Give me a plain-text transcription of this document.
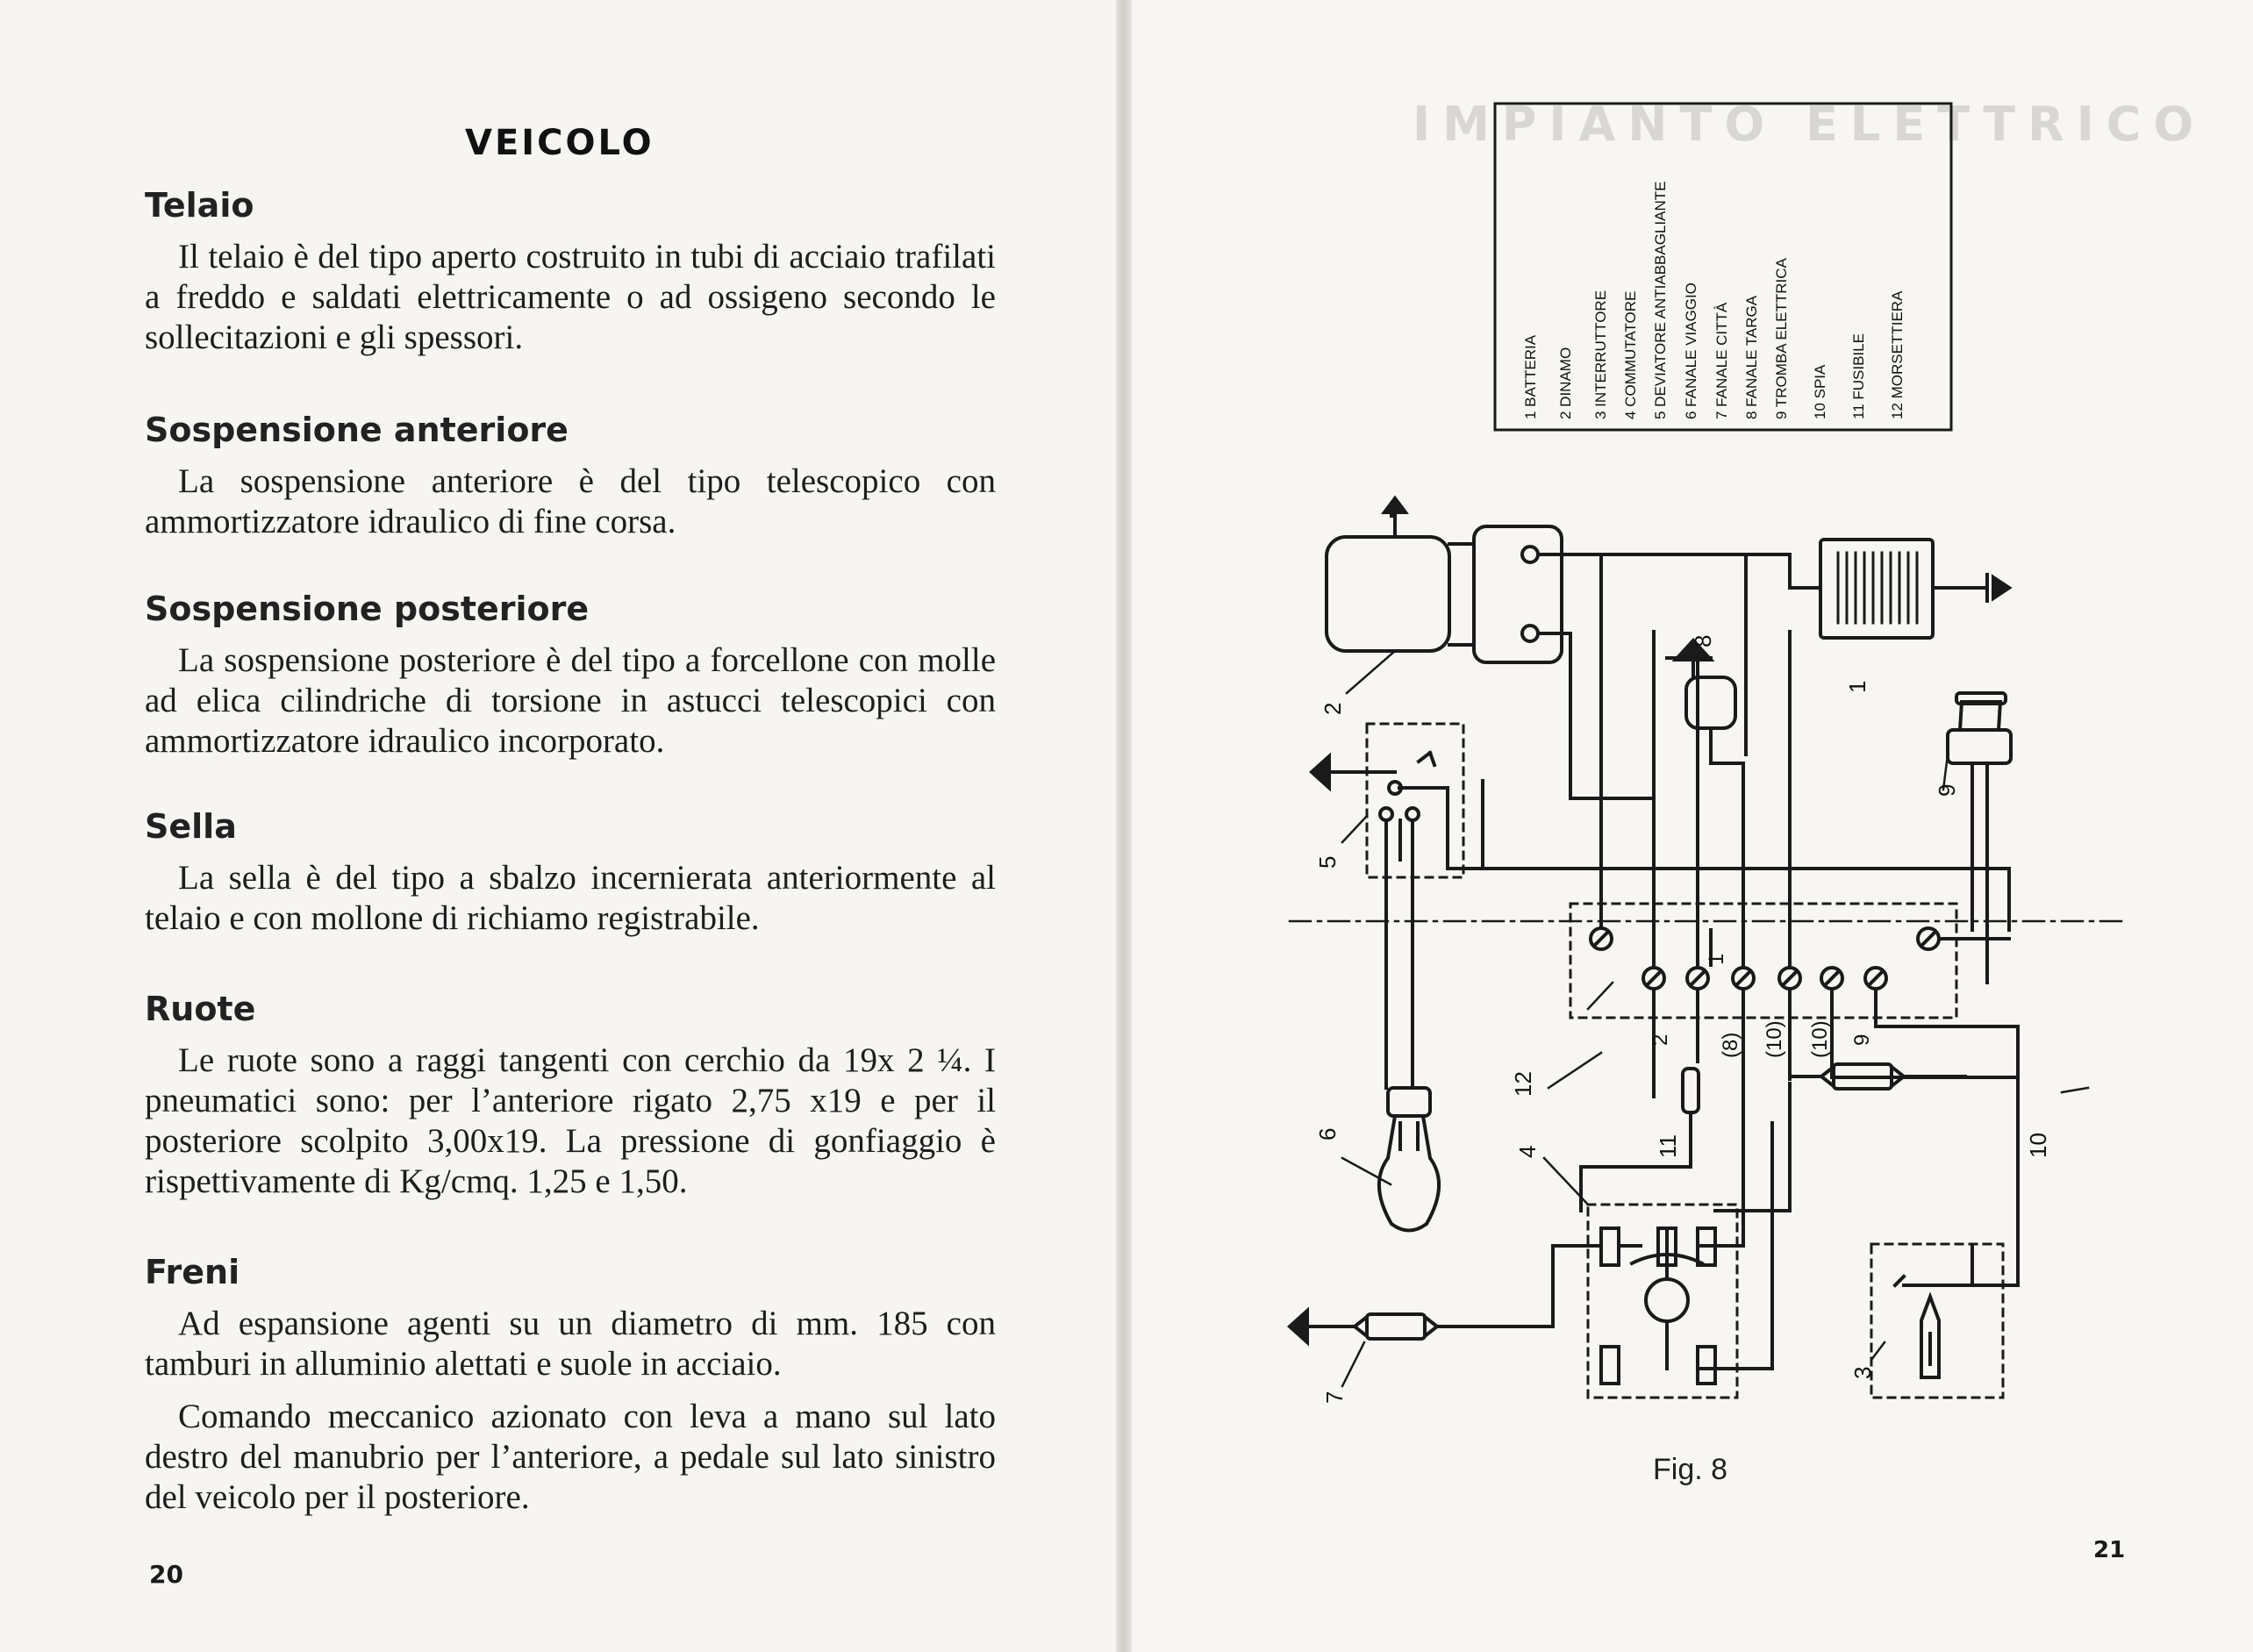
VEICOLO
Telaio

Il telaio è del tipo aperto costruito in tubi di acciaio trafilati a freddo e saldati elettricamente o ad ossigeno secondo le sollecitazioni e gli spessori.

Sospensione anteriore

La sospensione anteriore è del tipo telescopico con ammortizzatore idraulico di fine corsa.

Sospensione posteriore

La sospensione posteriore è del tipo a forcellone con molle ad elica cilindriche di torsione in astucci telescopici con ammortizzatore idraulico incorporato.

Sella

La sella è del tipo a sbalzo incernierata anteriormente al telaio e con mollone di richiamo registrabile.

Ruote

Le ruote sono a raggi tangenti con cerchio da 19x 2 ¼. I pneumatici sono: per l’anteriore rigato 2,75 x19 e per il posteriore scolpito 3,00x19. La pressione di gonfiaggio è rispettivamente di Kg/cmq. 1,25 e 1,50.

Freni

Ad espansione agenti su un diametro di mm. 185 con tamburi in alluminio alettati e suole in acciaio.

Comando meccanico azionato con leva a mano sul lato destro del manubrio per l’anteriore, a pedale sul lato sinistro del veicolo per il posteriore.

20
IMPIANTO ELETTRICO
1 BATTERIA 2 DINAMO 3 INTERRUTTORE 4 COMMUTATORE 5 DEVIATORE ANTIABBAGLIANTE 6 FANALE VIAGGIO 7 FANALE CITTÀ 8 FANALE TARGA 9 TROMBA ELETTRICA 10 SPIA 11 FUSIBILE 12 MORSETTIERA
2
5
6
12
4	11
8
1
9
10
7
3
2
1
(8) (10) (10) 9
Fig. 8
21
